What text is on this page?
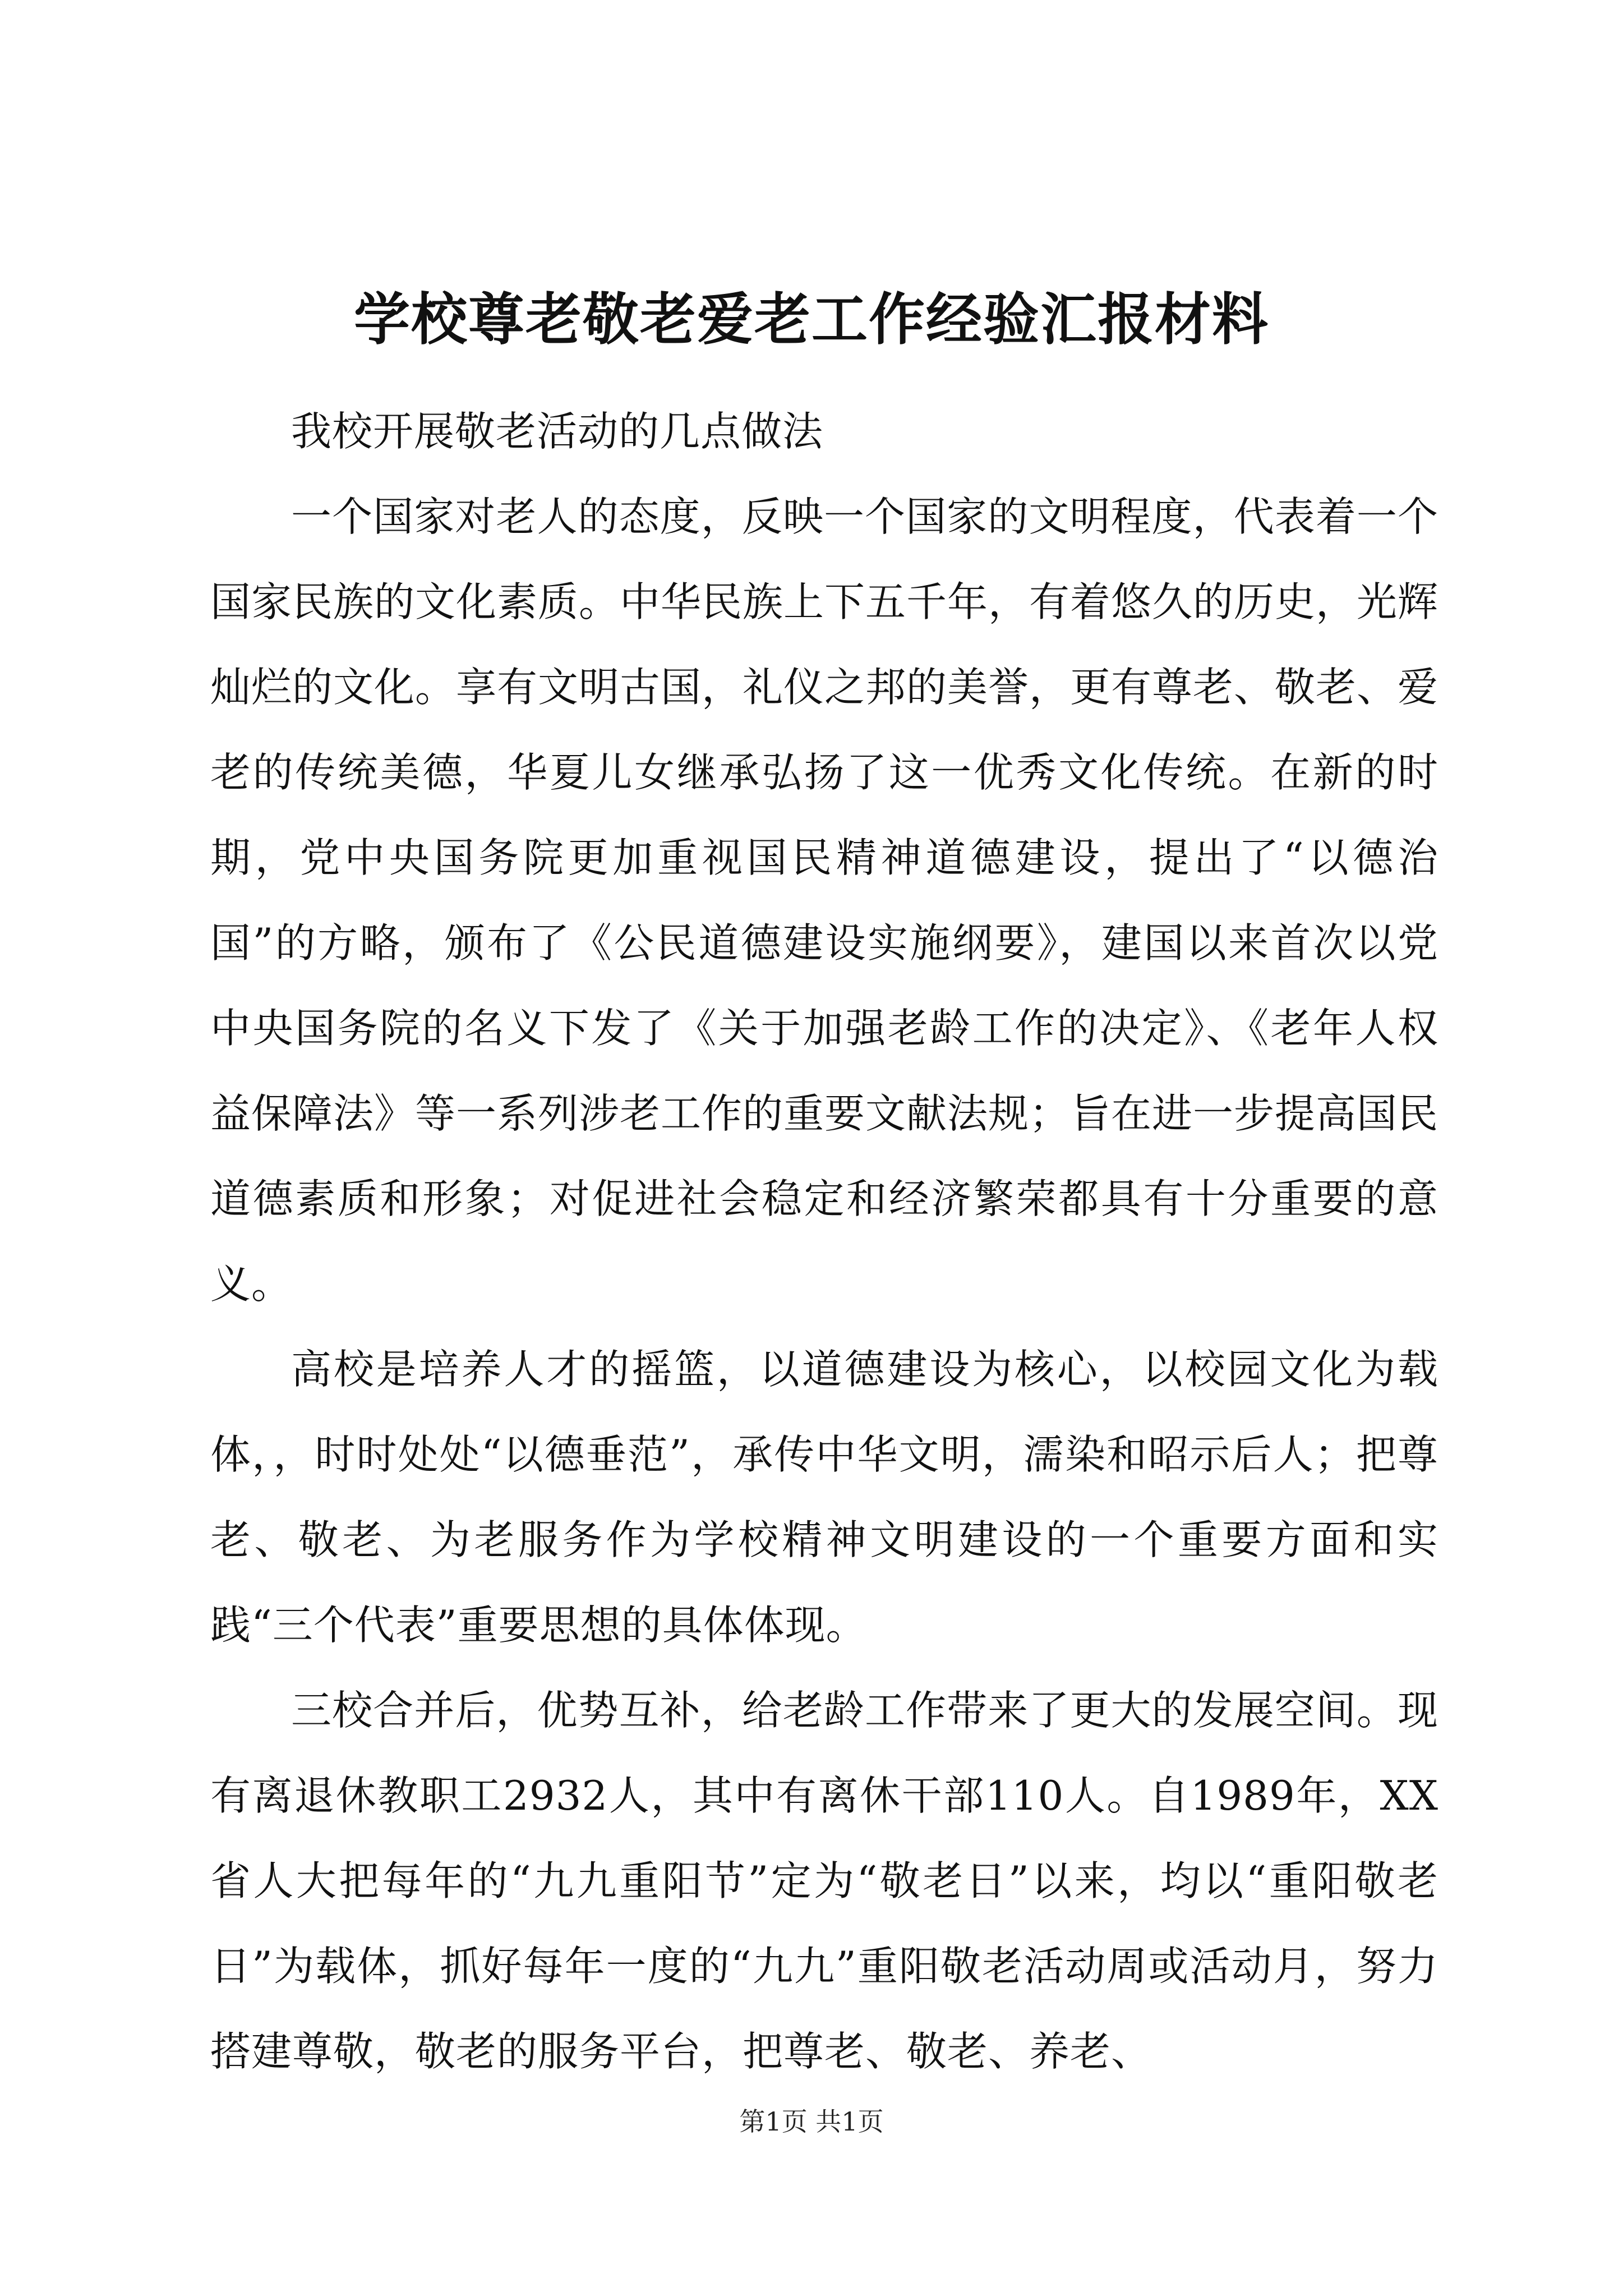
学校尊老敬老爱老工作经验汇报材料

我校开展敬老活动的几点做法

一个国家对老人的态度，反映一个国家的文明程度，代表着一个国家民族的文化素质。中华民族上下五千年，有着悠久的历史，光辉灿烂的文化。享有文明古国，礼仪之邦的美誉，更有尊老、敬老、爱老的传统美德，华夏儿女继承弘扬了这一优秀文化传统。在新的时期，党中央国务院更加重视国民精神道德建设，提出了“以德治国”的方略，颁布了《公民道德建设实施纲要》，建国以来首次以党中央国务院的名义下发了《关于加强老龄工作的决定》、《老年人权益保障法》等一系列涉老工作的重要文献法规；旨在进一步提高国民道德素质和形象；对促进社会稳定和经济繁荣都具有十分重要的意义。

高校是培养人才的摇篮，以道德建设为核心，以校园文化为载体，，时时处处“以德垂范”，承传中华文明，濡染和昭示后人；把尊老、敬老、为老服务作为学校精神文明建设的一个重要方面和实践“三个代表”重要思想的具体体现。

三校合并后，优势互补，给老龄工作带来了更大的发展空间。现有离退休教职工2932人，其中有离休干部110人。自1989年，XX省人大把每年的“九九重阳节”定为“敬老日”以来，均以“重阳敬老日”为载体，抓好每年一度的“九九”重阳敬老活动周或活动月，努力搭建尊敬，敬老的服务平台，把尊老、敬老、养老、

第1页 共1页
